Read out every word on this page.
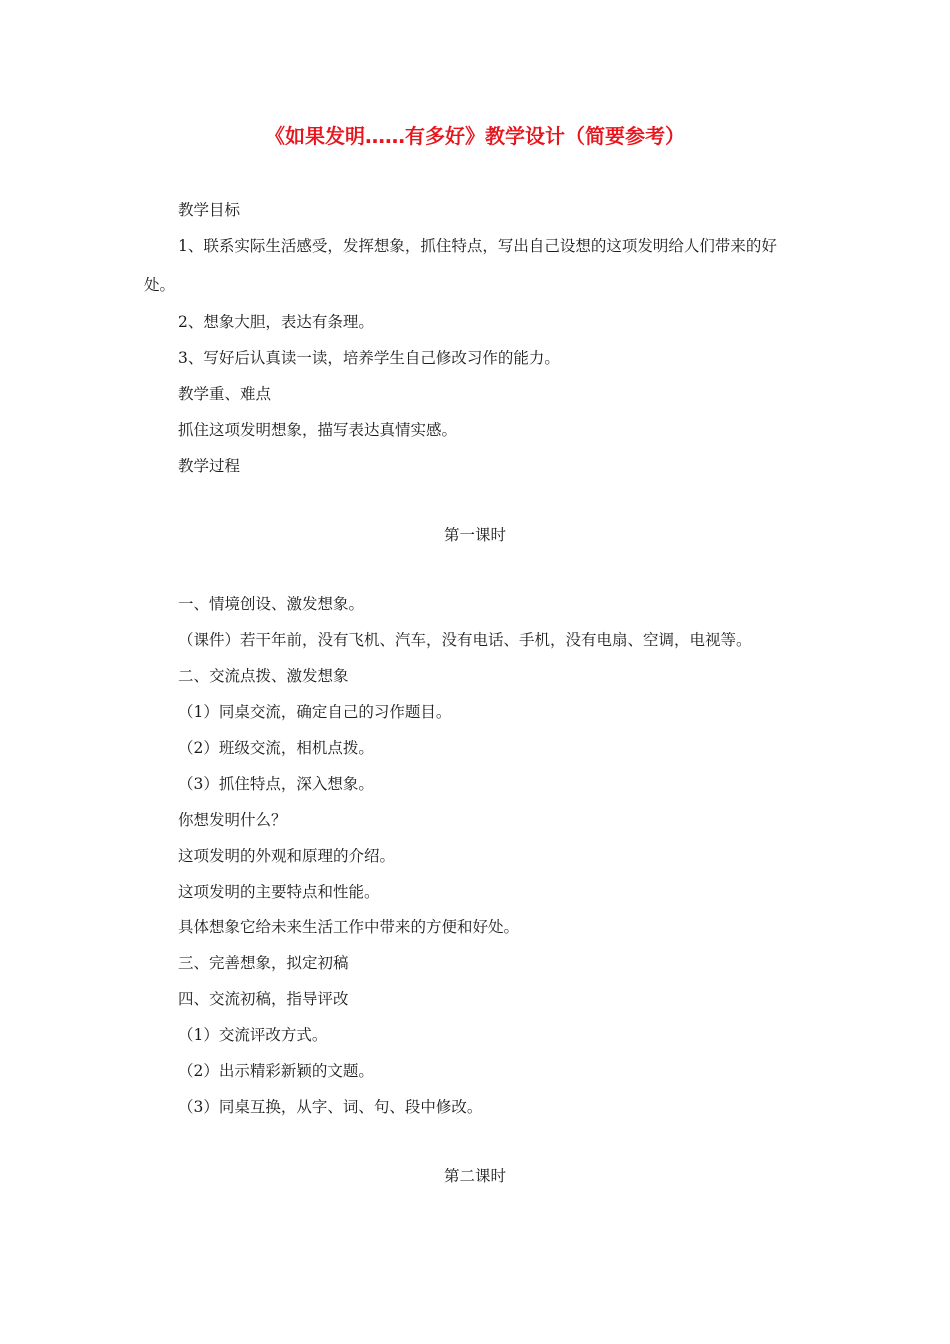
《如果发明……有多好》教学设计（简要参考）
教学目标
1、联系实际生活感受，发挥想象，抓住特点，写出自己设想的这项发明给人们带来的好
处。
2、想象大胆，表达有条理。
3、写好后认真读一读，培养学生自己修改习作的能力。
教学重、难点
抓住这项发明想象，描写表达真情实感。
教学过程
第一课时
一、情境创设、激发想象。
（课件）若干年前，没有飞机、汽车，没有电话、手机，没有电扇、空调，电视等。
二、交流点拨、激发想象
（1）同桌交流，确定自己的习作题目。
（2）班级交流，相机点拨。
（3）抓住特点，深入想象。
你想发明什么？
这项发明的外观和原理的介绍。
这项发明的主要特点和性能。
具体想象它给未来生活工作中带来的方便和好处。
三、完善想象，拟定初稿
四、交流初稿，指导评改
（1）交流评改方式。
（2）出示精彩新颖的文题。
（3）同桌互换，从字、词、句、段中修改。
第二课时
